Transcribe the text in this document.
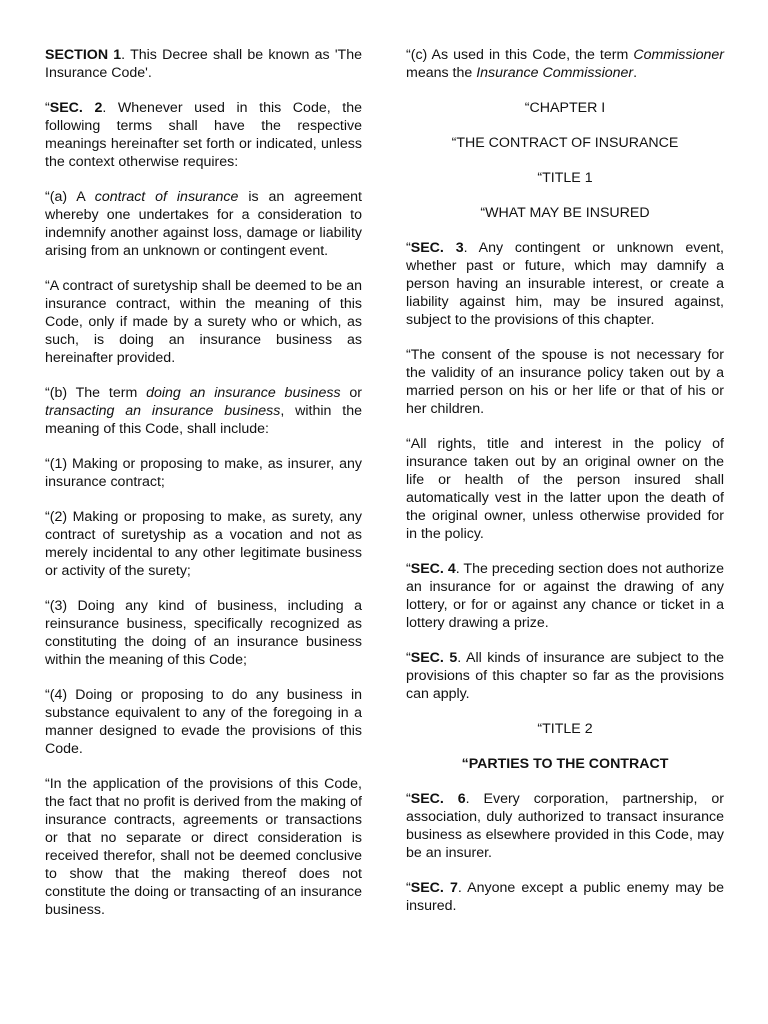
SECTION 1. This Decree shall be known as 'The Insurance Code'.

“SEC. 2. Whenever used in this Code, the following terms shall have the respective meanings hereinafter set forth or indicated, unless the context otherwise requires:

“(a) A contract of insurance is an agreement whereby one undertakes for a consideration to indemnify another against loss, damage or liability arising from an unknown or contingent event.

“A contract of suretyship shall be deemed to be an insurance contract, within the meaning of this Code, only if made by a surety who or which, as such, is doing an insurance business as hereinafter provided.

“(b) The term doing an insurance business or transacting an insurance business, within the meaning of this Code, shall include:

“(1) Making or proposing to make, as insurer, any insurance contract;

“(2) Making or proposing to make, as surety, any contract of suretyship as a vocation and not as merely incidental to any other legitimate business or activity of the surety;

“(3) Doing any kind of business, including a reinsurance business, specifically recognized as constituting the doing of an insurance business within the meaning of this Code;

“(4) Doing or proposing to do any business in substance equivalent to any of the foregoing in a manner designed to evade the provisions of this Code.

“In the application of the provisions of this Code, the fact that no profit is derived from the making of insurance contracts, agreements or transactions or that no separate or direct consideration is received therefor, shall not be deemed conclusive to show that the making thereof does not constitute the doing or transacting of an insurance business.

“(c) As used in this Code, the term Commissioner means the Insurance Commissioner.

“CHAPTER I

“THE CONTRACT OF INSURANCE

“TITLE 1

“WHAT MAY BE INSURED

“SEC. 3. Any contingent or unknown event, whether past or future, which may damnify a person having an insurable interest, or create a liability against him, may be insured against, subject to the provisions of this chapter.

“The consent of the spouse is not necessary for the validity of an insurance policy taken out by a married person on his or her life or that of his or her children.

“All rights, title and interest in the policy of insurance taken out by an original owner on the life or health of the person insured shall automatically vest in the latter upon the death of the original owner, unless otherwise provided for in the policy.

“SEC. 4. The preceding section does not authorize an insurance for or against the drawing of any lottery, or for or against any chance or ticket in a lottery drawing a prize.

“SEC. 5. All kinds of insurance are subject to the provisions of this chapter so far as the provisions can apply.

“TITLE 2

“PARTIES TO THE CONTRACT

“SEC. 6. Every corporation, partnership, or association, duly authorized to transact insurance business as elsewhere provided in this Code, may be an insurer.

“SEC. 7. Anyone except a public enemy may be insured.
